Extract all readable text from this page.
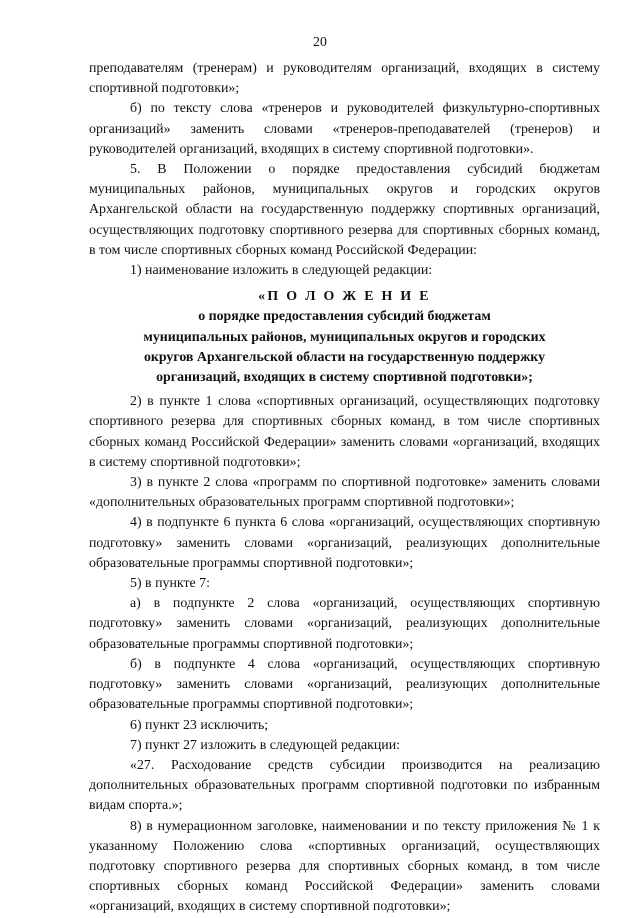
20

преподавателям (тренерам) и руководителям организаций, входящих в систему спортивной подготовки»;

б) по тексту слова «тренеров и руководителей физкультурно-спортивных организаций» заменить словами «тренеров-преподавателей (тренеров) и руководителей организаций, входящих в систему спортивной подготовки».

5. В Положении о порядке предоставления субсидий бюджетам муниципальных районов, муниципальных округов и городских округов Архангельской области на государственную поддержку спортивных организаций, осуществляющих подготовку спортивного резерва для спортивных сборных команд, в том числе спортивных сборных команд Российской Федерации:

1) наименование изложить в следующей редакции:

«П О Л О Ж Е Н И Е
о порядке предоставления субсидий бюджетам
муниципальных районов, муниципальных округов и городских
округов Архангельской области на государственную поддержку
организаций, входящих в систему спортивной подготовки»;

2) в пункте 1 слова «спортивных организаций, осуществляющих подготовку спортивного резерва для спортивных сборных команд, в том числе спортивных сборных команд Российской Федерации» заменить словами «организаций, входящих в систему спортивной подготовки»;

3) в пункте 2 слова «программ по спортивной подготовке» заменить словами «дополнительных образовательных программ спортивной подготовки»;

4) в подпункте 6 пункта 6 слова «организаций, осуществляющих спортивную подготовку» заменить словами «организаций, реализующих дополнительные образовательные программы спортивной подготовки»;

5) в пункте 7:

а) в подпункте 2 слова «организаций, осуществляющих спортивную подготовку» заменить словами «организаций, реализующих дополнительные образовательные программы спортивной подготовки»;

б) в подпункте 4 слова «организаций, осуществляющих спортивную подготовку» заменить словами «организаций, реализующих дополнительные образовательные программы спортивной подготовки»;

6) пункт 23 исключить;

7) пункт 27 изложить в следующей редакции:

«27. Расходование средств субсидии производится на реализацию дополнительных образовательных программ спортивной подготовки по избранным видам спорта.»;

8) в нумерационном заголовке, наименовании и по тексту приложения № 1 к указанному Положению слова «спортивных организаций, осуществляющих подготовку спортивного резерва для спортивных сборных команд, в том числе спортивных сборных команд Российской Федерации» заменить словами «организаций, входящих в систему спортивной подготовки»;
